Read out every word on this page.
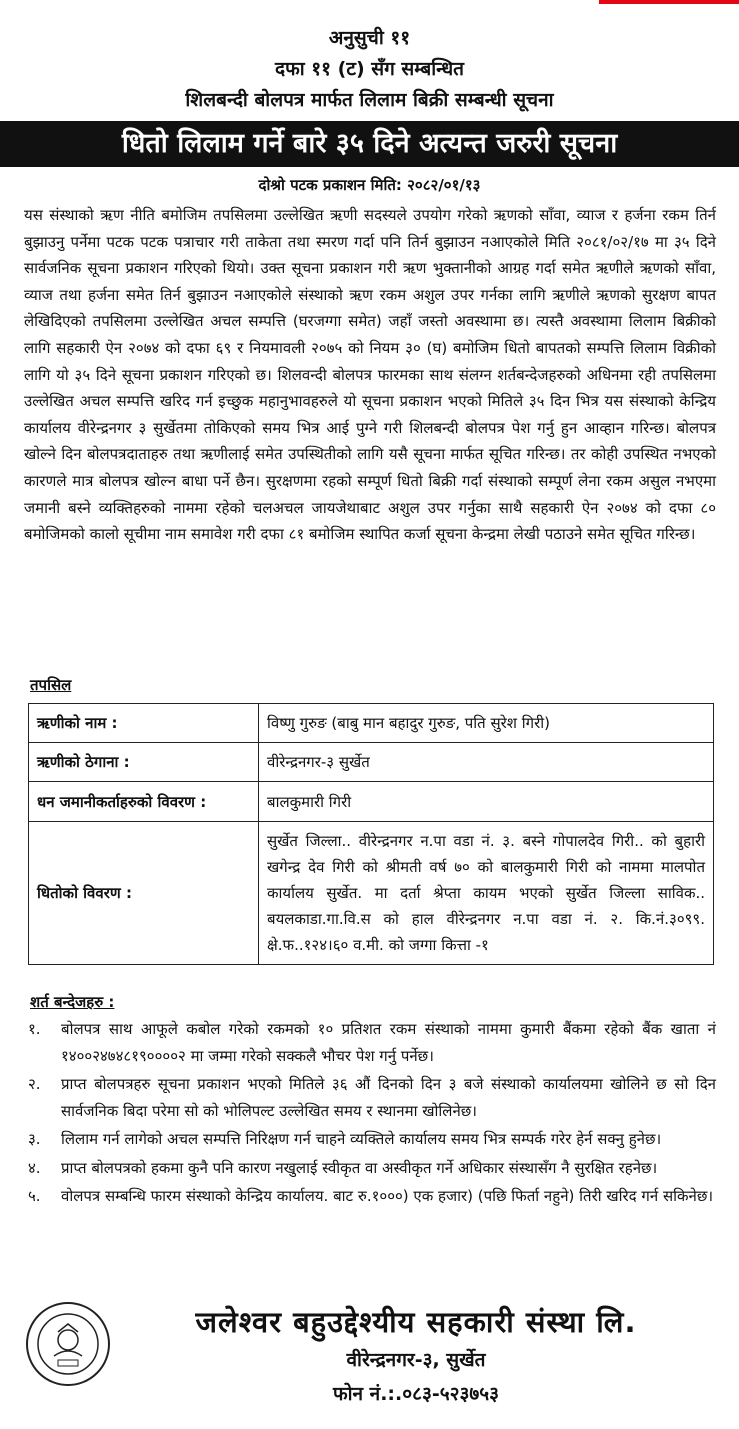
अनुसुची ११
दफा ११ (ट) सँग सम्बन्धित
शिलबन्दी बोलपत्र मार्फत लिलाम बिक्री सम्बन्धी सूचना
धितो लिलाम गर्ने बारे ३५ दिने अत्यन्त जरुरी सूचना
दोश्रो पटक प्रकाशन मिति: २०८२/०१/१३
यस संस्थाको ऋण नीति बमोजिम तपसिलमा उल्लेखित ऋणी सदस्यले उपयोग गरेको ऋणको साँवा, व्याज र हर्जना रकम तिर्न बुझाउनु पर्नेमा पटक पटक पत्राचार गरी ताकेता तथा स्मरण गर्दा पनि तिर्न बुझाउन नआएकोले मिति २०८१/०२/१७ मा ३५ दिने सार्वजनिक सूचना प्रकाशन गरिएको थियो। उक्त सूचना प्रकाशन गरी ऋण भुक्तानीको आग्रह गर्दा समेत ऋणीले ऋणको साँवा, व्याज तथा हर्जना समेत तिर्न बुझाउन नआएकोले संस्थाको ऋण रकम अशुल उपर गर्नका लागि ऋणीले ऋणको सुरक्षण बापत लेखिदिएको तपसिलमा उल्लेखित अचल सम्पत्ति (घरजग्गा समेत) जहाँ जस्तो अवस्थामा छ। त्यस्तै अवस्थामा लिलाम बिक्रीको लागि सहकारी ऐन २०७४ को दफा ६९ र नियमावली २०७५ को नियम ३० (घ) बमोजिम धितो बापतको सम्पत्ति लिलाम विक्रीको लागि यो ३५ दिने सूचना प्रकाशन गरिएको छ। शिलवन्दी बोलपत्र फारमका साथ संलग्न शर्तबन्देजहरुको अधिनमा रही तपसिलमा उल्लेखित अचल सम्पत्ति खरिद गर्न इच्छुक महानुभावहरुले यो सूचना प्रकाशन भएको मितिले ३५ दिन भित्र यस संस्थाको केन्द्रिय कार्यालय वीरेन्द्रनगर ३ सुर्खेतमा तोकिएको समय भित्र आई पुग्ने गरी शिलबन्दी बोलपत्र पेश गर्नु हुन आव्हान गरिन्छ। बोलपत्र खोल्ने दिन बोलपत्रदाताहरु तथा ऋणीलाई समेत उपस्थितीको लागि यसै सूचना मार्फत सूचित गरिन्छ। तर कोही उपस्थित नभएको कारणले मात्र बोलपत्र खोल्न बाधा पर्ने छैन। सुरक्षणमा रहको सम्पूर्ण धितो बिक्री गर्दा संस्थाको सम्पूर्ण लेना रकम असुल नभएमा जमानी बस्ने व्यक्तिहरुको नाममा रहेको चलअचल जायजेथाबाट अशुल उपर गर्नुका साथै सहकारी ऐन २०७४ को दफा ८० बमोजिमको कालो सूचीमा नाम समावेश गरी दफा ८१ बमोजिम स्थापित कर्जा सूचना केन्द्रमा लेखी पठाउने समेत सूचित गरिन्छ।
तपसिल
ऋणीको नाम :	विष्णु गुरुङ (बाबु मान बहादुर गुरुङ, पति सुरेश गिरी)
ऋणीको ठेगाना :	वीरेन्द्रनगर-३ सुर्खेत
धन जमानीकर्ताहरुको विवरण :	बालकुमारी गिरी
धितोको विवरण :	सुर्खेत जिल्ला.. वीरेन्द्रनगर न.पा वडा नं. ३. बस्ने गोपालदेव गिरी.. को बुहारी खगेन्द्र देव गिरी को श्रीमती वर्ष ७० को बालकुमारी गिरी को नाममा मालपोत कार्यालय सुर्खेत. मा दर्ता श्रेप्ता कायम भएको सुर्खेत जिल्ला साविक.. बयलकाडा.गा.वि.स को हाल वीरेन्द्रनगर न.पा वडा नं. २. कि.नं.३०९९. क्षे.फ..१२४।६० व.मी. को जग्गा कित्ता -१
शर्त बन्देजहरु :
१. बोलपत्र साथ आफूले कबोल गरेको रकमको १० प्रतिशत रकम संस्थाको नाममा कुमारी बैंकमा रहेको बैंक खाता नं १४००२४७४८१९००००२ मा जम्मा गरेको सक्कलै भौचर पेश गर्नु पर्नेछ।
२. प्राप्त बोलपत्रहरु सूचना प्रकाशन भएको मितिले ३६ औं दिनको दिन ३ बजे संस्थाको कार्यालयमा खोलिने छ सो दिन सार्वजनिक बिदा परेमा सो को भोलिपल्ट उल्लेखित समय र स्थानमा खोलिनेछ।
३. लिलाम गर्न लागेको अचल सम्पत्ति निरिक्षण गर्न चाहने व्यक्तिले कार्यालय समय भित्र सम्पर्क गरेर हेर्न सक्नु हुनेछ।
४. प्राप्त बोलपत्रको हकमा कुनै पनि कारण नखुलाई स्वीकृत वा अस्वीकृत गर्ने अधिकार संस्थासँग नै सुरक्षित रहनेछ।
५. वोलपत्र सम्बन्धि फारम संस्थाको केन्द्रिय कार्यालय. बाट रु.१०००) एक हजार) (पछि फिर्ता नहुने) तिरी खरिद गर्न सकिनेछ।
जलेश्वर बहुउद्देश्यीय सहकारी संस्था लि.
वीरेन्द्रनगर-३, सुर्खेत
फोन नं.:.०८३-५२३७५३
